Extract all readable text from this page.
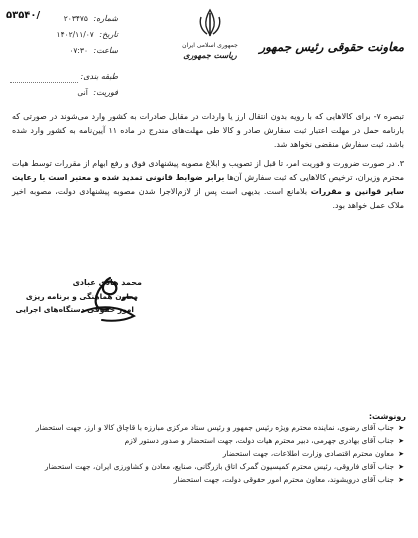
۵۳۵۴۰/
جمهوری اسلامی ایران
ریاست جمهوری
معاونت حقوقی رئیس جمهور
شماره: ۲۰۳۴۷۵
تاریخ: ۱۴۰۲/۱۱/۰۷
ساعت: ۰۷:۳۰
طبقه بندی:
فوریت: آنی
تبصره ۷- برای کالاهایی که با رویه بدون انتقال ارز یا واردات در مقابل صادرات به کشور وارد می‌شوند در صورتی که بارنامه حمل در مهلت اعتبار ثبت سفارش صادر و کالا طی مهلت‌های مندرج در ماده ۱۱ آیین‌نامه به کشور وارد شده باشد، ثبت سفارش منقضی نخواهد شد.
۳. در صورت ضرورت و فوریت امر، تا قبل از تصویب و ابلاغ مصوبه پیشنهادی فوق و رفع ابهام از مقررات توسط هیات محترم وزیران، ترخیص کالاهایی که ثبت سفارش آن‌ها برابر ضوابط قانونی تمدید شده و معتبر است با رعایت سایر قوانین و مقررات بلامانع است. بدیهی است پس از لازم‌الاجرا شدن مصوبه پیشنهادی دولت، مصوبه اخیر ملاک عمل خواهد بود.
محمد هادی عبادی
معاون هماهنگی و برنامه ریزی
امور حقوقی دستگاه‌های اجرایی
رونوشت:
➤
جناب آقای رضوی، نماینده محترم ویژه رئیس جمهور و رئیس ستاد مرکزی مبارزه با قاچاق کالا و ارز، جهت استحضار
➤
جناب آقای بهادری جهرمی، دبیر محترم هیات دولت، جهت استحضار و صدور دستور لازم
➤
معاون محترم اقتصادی وزارت اطلاعات، جهت استحضار
➤
جناب آقای فاروقی، رئیس محترم کمیسیون گمرک اتاق بازرگانی، صنایع، معادن و کشاورزی ایران، جهت استحضار
➤
جناب آقای درویشوند، معاون محترم امور حقوقی دولت، جهت استحضار
